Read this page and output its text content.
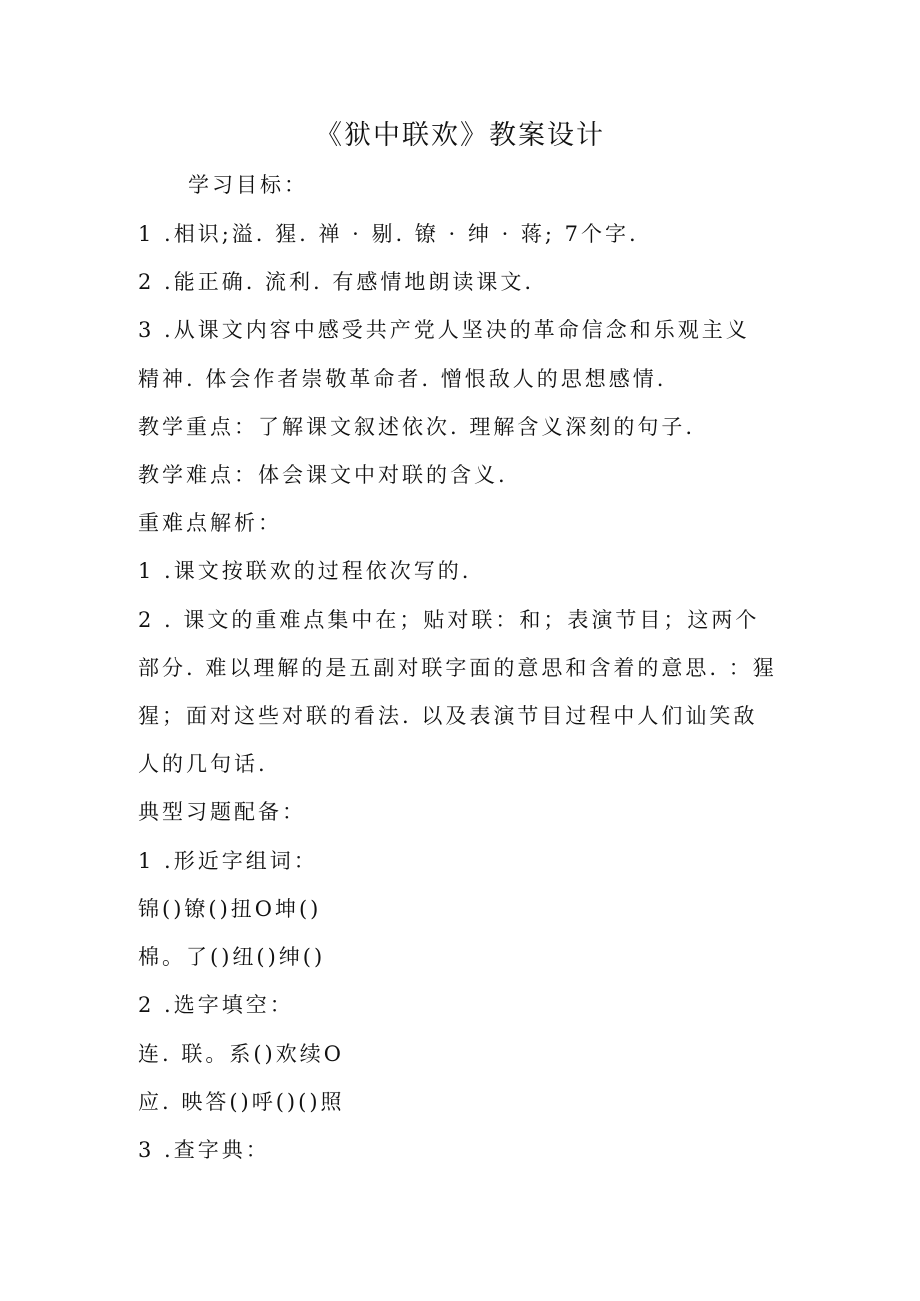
《狱中联欢》教案设计
学习目标：
1 .相识;溢. 猩. 禅 · 剔. 镣 · 绅 · 蒋; 7个字.
2 .能正确. 流利. 有感情地朗读课文.
3 .从课文内容中感受共产党人坚决的革命信念和乐观主义
精神. 体会作者崇敬革命者. 憎恨敌人的思想感情.
教学重点：了解课文叙述依次. 理解含义深刻的句子.
教学难点：体会课文中对联的含义.
重难点解析：
1 .课文按联欢的过程依次写的.
2 . 课文的重难点集中在；贴对联：和；表演节目；这两个
部分. 难以理解的是五副对联字面的意思和含着的意思. ：猩
猩；面对这些对联的看法. 以及表演节目过程中人们讪笑敌
人的几句话.
典型习题配备：
1 .形近字组词：
锦()镣()扭O坤()
棉。了()纽()绅()
2 .选字填空：
连. 联。系()欢续O
应. 映答()呼()()照
3 .查字典：
